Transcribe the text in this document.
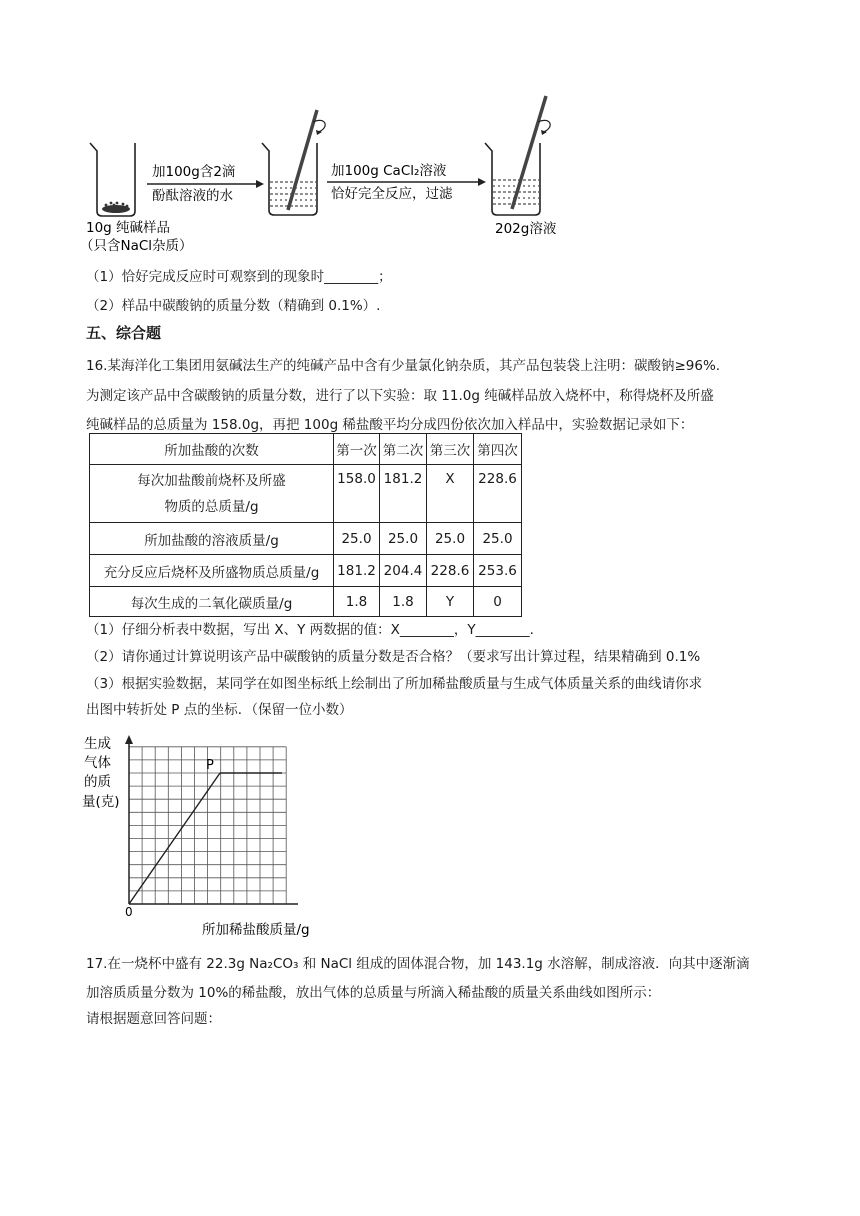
加100g含2滴
酚酞溶液的水
加100g CaCl₂溶液
恰好完全反应，过滤
10g 纯碱样品
（只含NaCl杂质）
202g溶液
（1）恰好完成反应时可观察到的现象时________；
（2）样品中碳酸钠的质量分数（精确到 0.1%）.
五、综合题
16.某海洋化工集团用氨碱法生产的纯碱产品中含有少量氯化钠杂质，其产品包装袋上注明：碳酸钠≥96%.
为测定该产品中含碳酸钠的质量分数，进行了以下实验：取 11.0g 纯碱样品放入烧杯中，称得烧杯及所盛
纯碱样品的总质量为 158.0g，再把 100g 稀盐酸平均分成四份依次加入样品中，实验数据记录如下：
所加盐酸的次数	第一次	第二次	第三次	第四次

每次加盐酸前烧杯及所盛
物质的总质量/g	158.0	181.2	X	228.6
所加盐酸的溶液质量/g	25.0	25.0	25.0	25.0
充分反应后烧杯及所盛物质总质量/g	181.2	204.4	228.6	253.6
每次生成的二氧化碳质量/g	1.8	1.8	Y	0
（1）仔细分析表中数据，写出 X、Y 两数据的值：X________，Y________.
（2）请你通过计算说明该产品中碳酸钠的质量分数是否合格？（要求写出计算过程，结果精确到 0.1%
（3）根据实验数据，某同学在如图坐标纸上绘制出了所加稀盐酸质量与生成气体质量关系的曲线请你求
出图中转折处 P 点的坐标．（保留一位小数）
P
生成
气体
的质
量(克)
0
所加稀盐酸质量/g
17.在一烧杯中盛有 22.3g Na₂CO₃ 和 NaCl 组成的固体混合物，加 143.1g 水溶解，制成溶液．向其中逐渐滴
加溶质质量分数为 10%的稀盐酸，放出气体的总质量与所滴入稀盐酸的质量关系曲线如图所示：
请根据题意回答问题：
